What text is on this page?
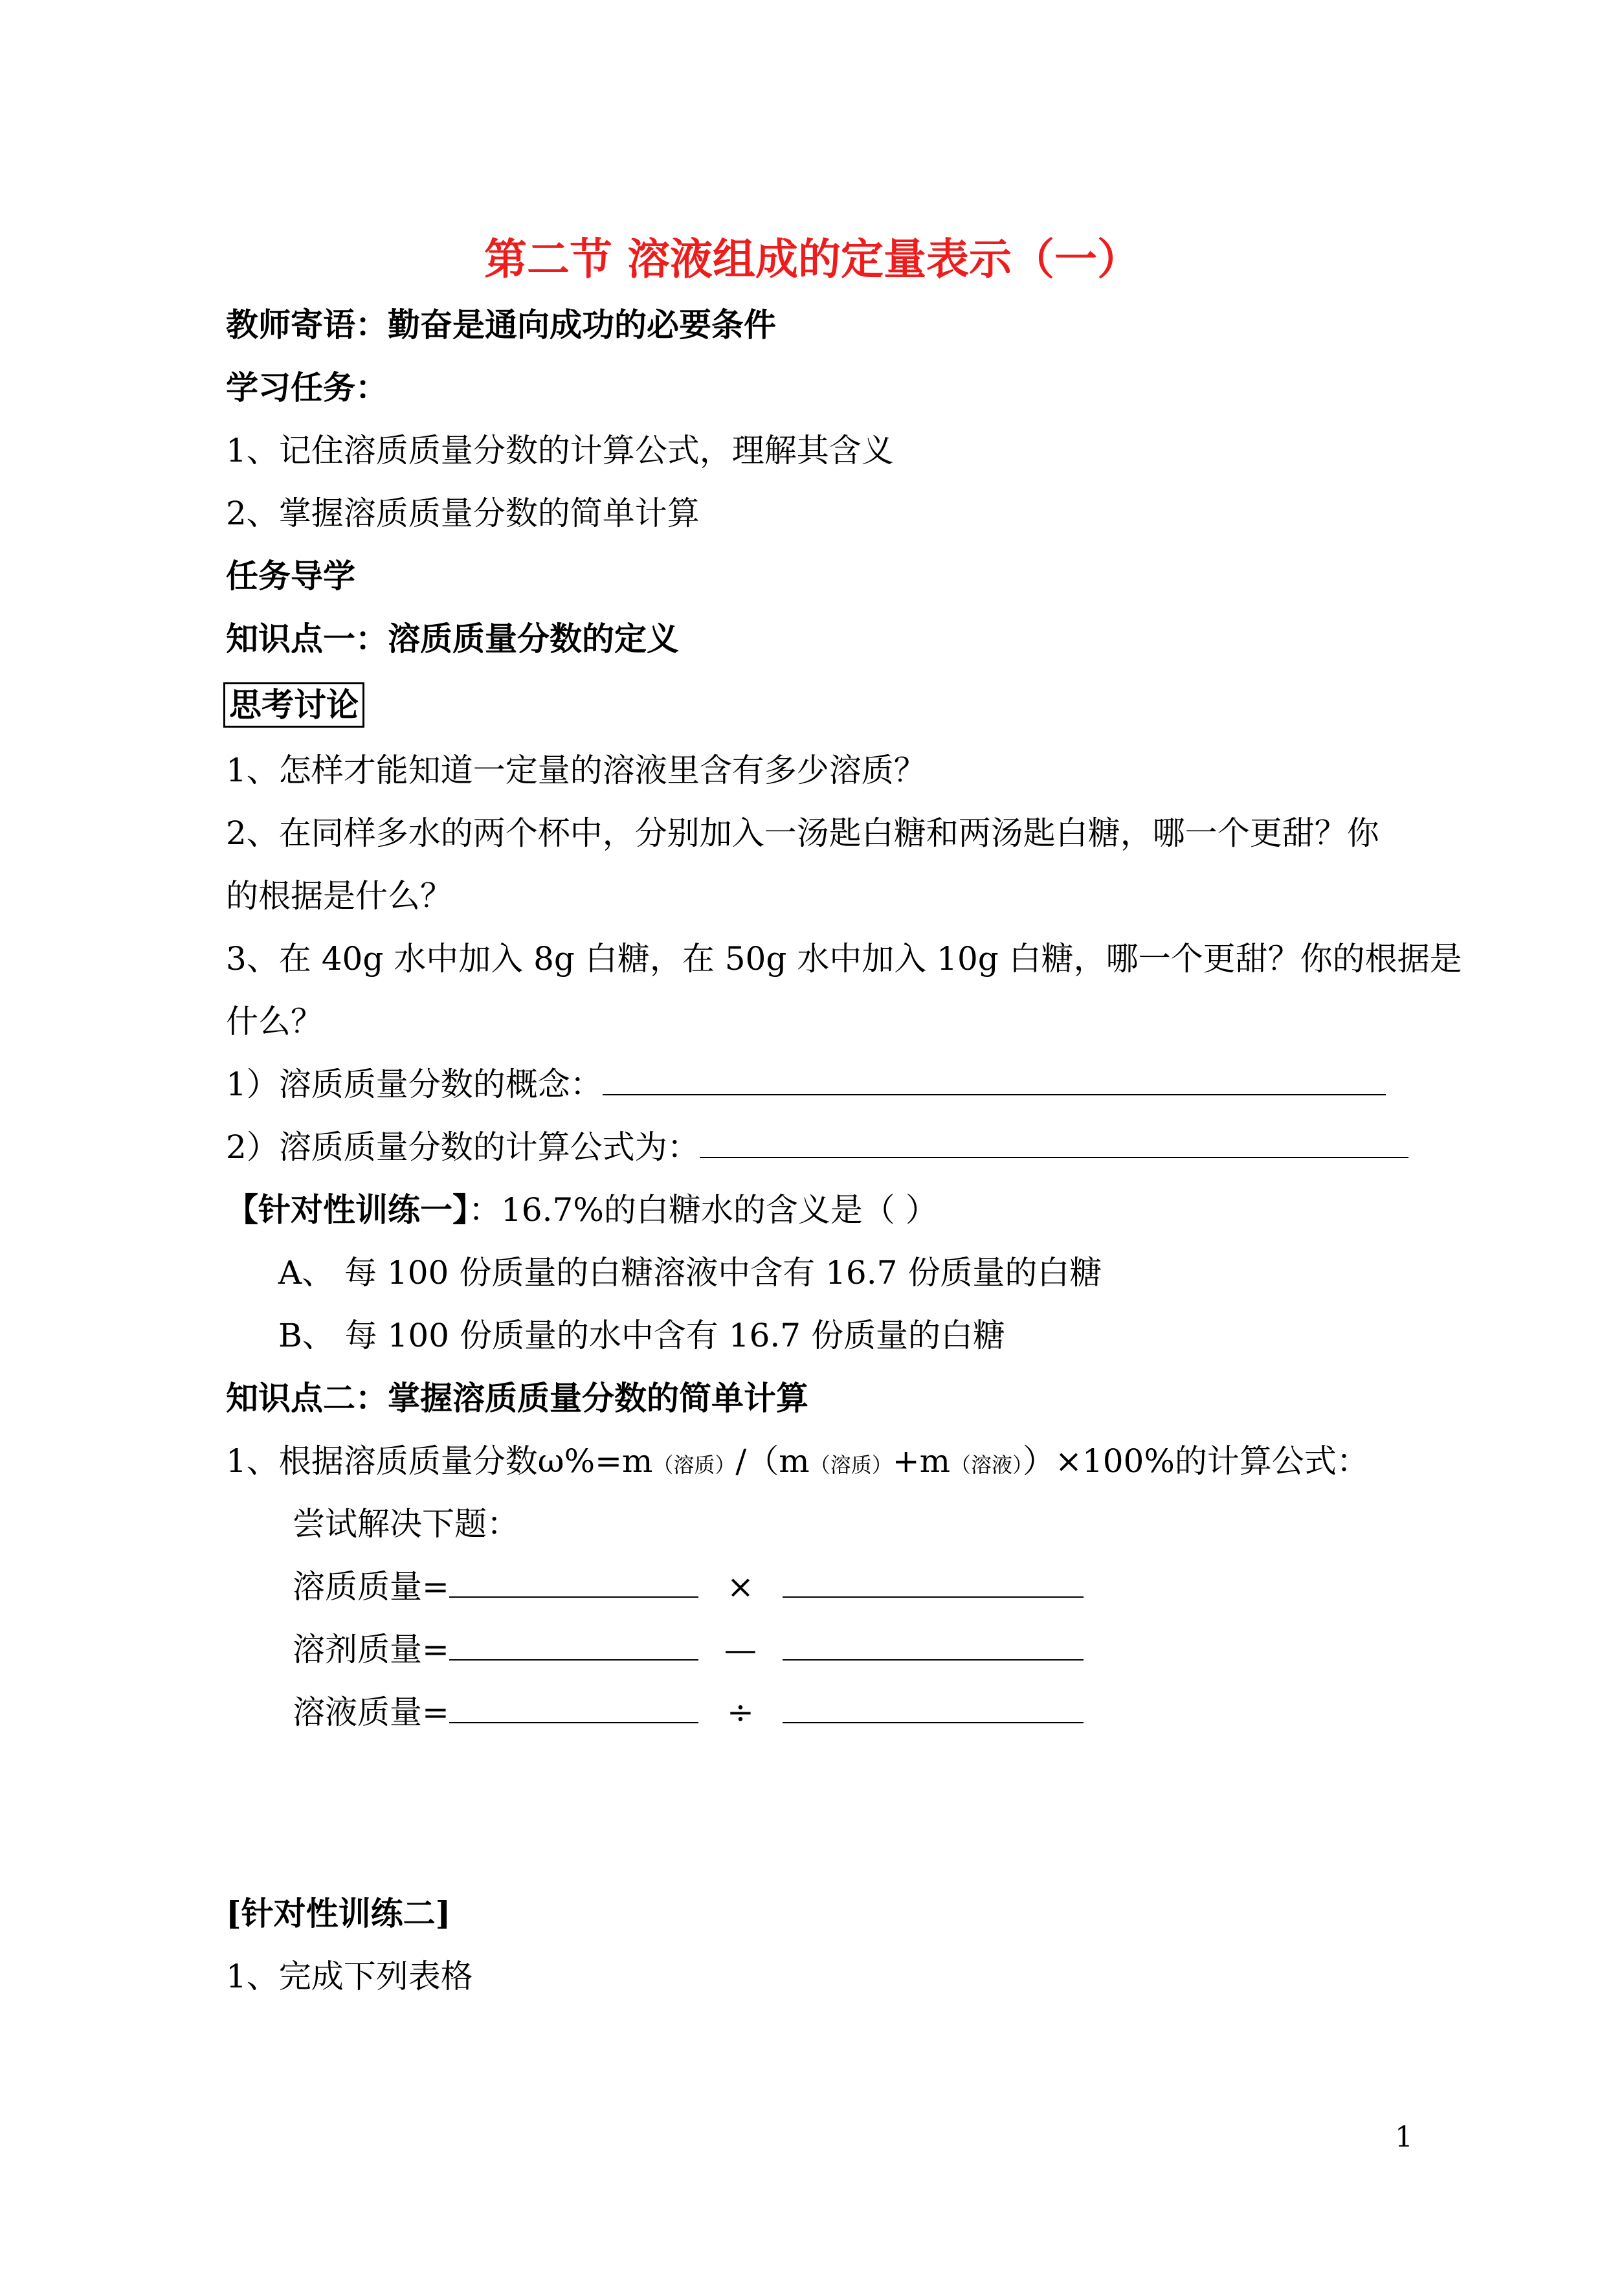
第二节 溶液组成的定量表示（一）
教师寄语：勤奋是通向成功的必要条件
学习任务：
1、记住溶质质量分数的计算公式，理解其含义
2、掌握溶质质量分数的简单计算
任务导学
知识点一：溶质质量分数的定义
思考讨论
1、怎样才能知道一定量的溶液里含有多少溶质？
2、在同样多水的两个杯中，分别加入一汤匙白糖和两汤匙白糖，哪一个更甜？你
的根据是什么？
3、在 40g 水中加入 8g 白糖，在 50g 水中加入 10g 白糖，哪一个更甜？你的根据是
什么？
1）溶质质量分数的概念：
2）溶质质量分数的计算公式为：
【针对性训练一】：16.7%的白糖水的含义是（ ）
A、 每 100 份质量的白糖溶液中含有 16.7 份质量的白糖
B、 每 100 份质量的水中含有 16.7 份质量的白糖
知识点二：掌握溶质质量分数的简单计算
1、根据溶质质量分数ω%=m（溶质）/（m（溶质）+m（溶液））×100%的计算公式：
尝试解决下题：
溶质质量=	×
溶剂质量=	—
溶液质量=	÷
[针对性训练二]
1、完成下列表格
1
